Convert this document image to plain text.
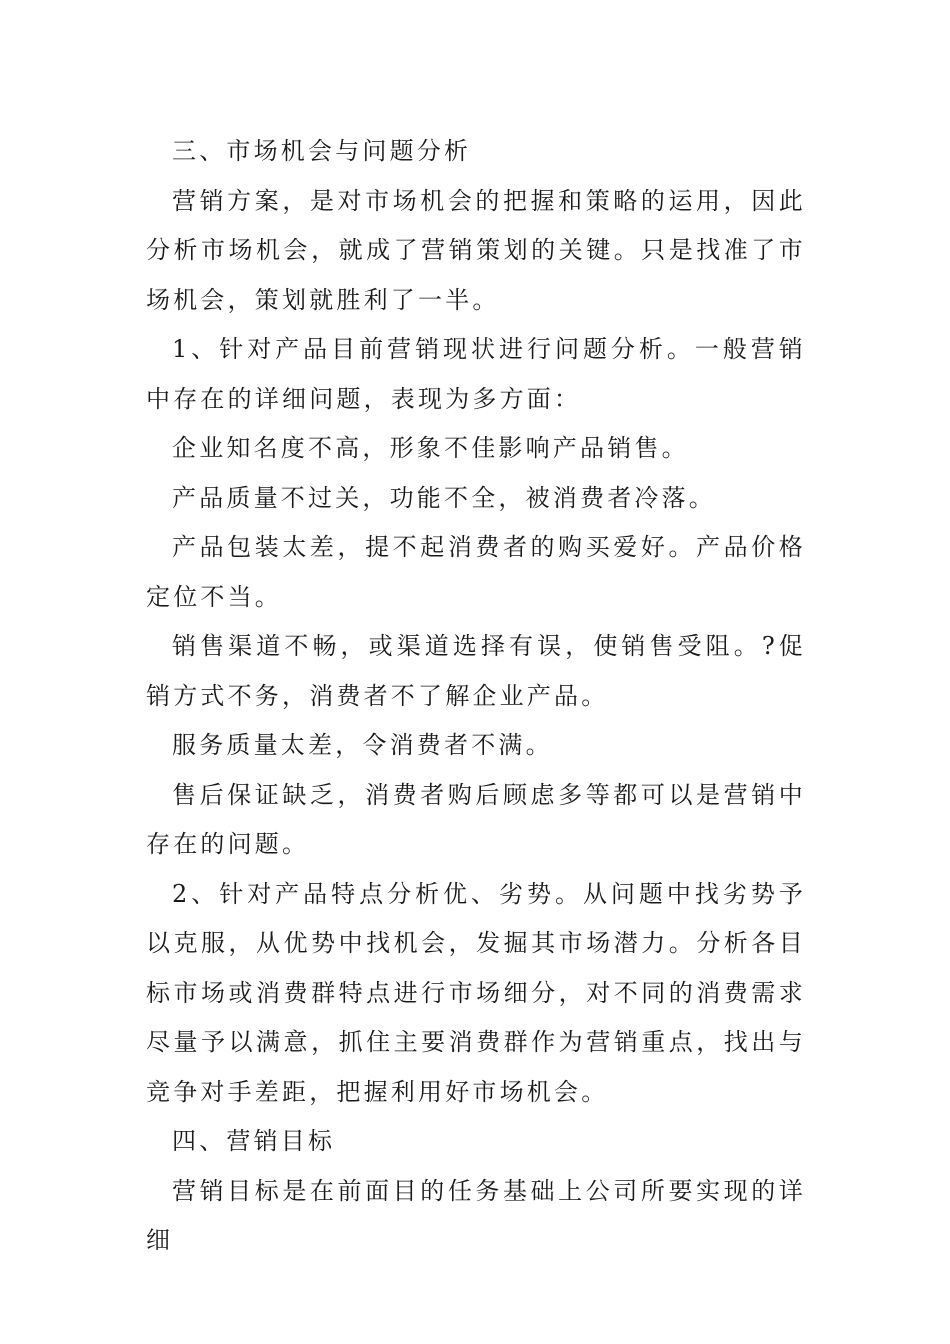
三、市场机会与问题分析

营销方案，是对市场机会的把握和策略的运用，因此分析市场机会，就成了营销策划的关键。只是找准了市场机会，策划就胜利了一半。

1、针对产品目前营销现状进行问题分析。一般营销中存在的详细问题，表现为多方面：

企业知名度不高，形象不佳影响产品销售。

产品质量不过关，功能不全，被消费者冷落。

产品包装太差，提不起消费者的购买爱好。产品价格定位不当。

销售渠道不畅，或渠道选择有误，使销售受阻。?促销方式不务，消费者不了解企业产品。

服务质量太差，令消费者不满。

售后保证缺乏，消费者购后顾虑多等都可以是营销中存在的问题。

2、针对产品特点分析优、劣势。从问题中找劣势予以克服，从优势中找机会，发掘其市场潜力。分析各目标市场或消费群特点进行市场细分，对不同的消费需求尽量予以满意，抓住主要消费群作为营销重点，找出与竞争对手差距，把握利用好市场机会。

四、营销目标

营销目标是在前面目的任务基础上公司所要实现的详细
